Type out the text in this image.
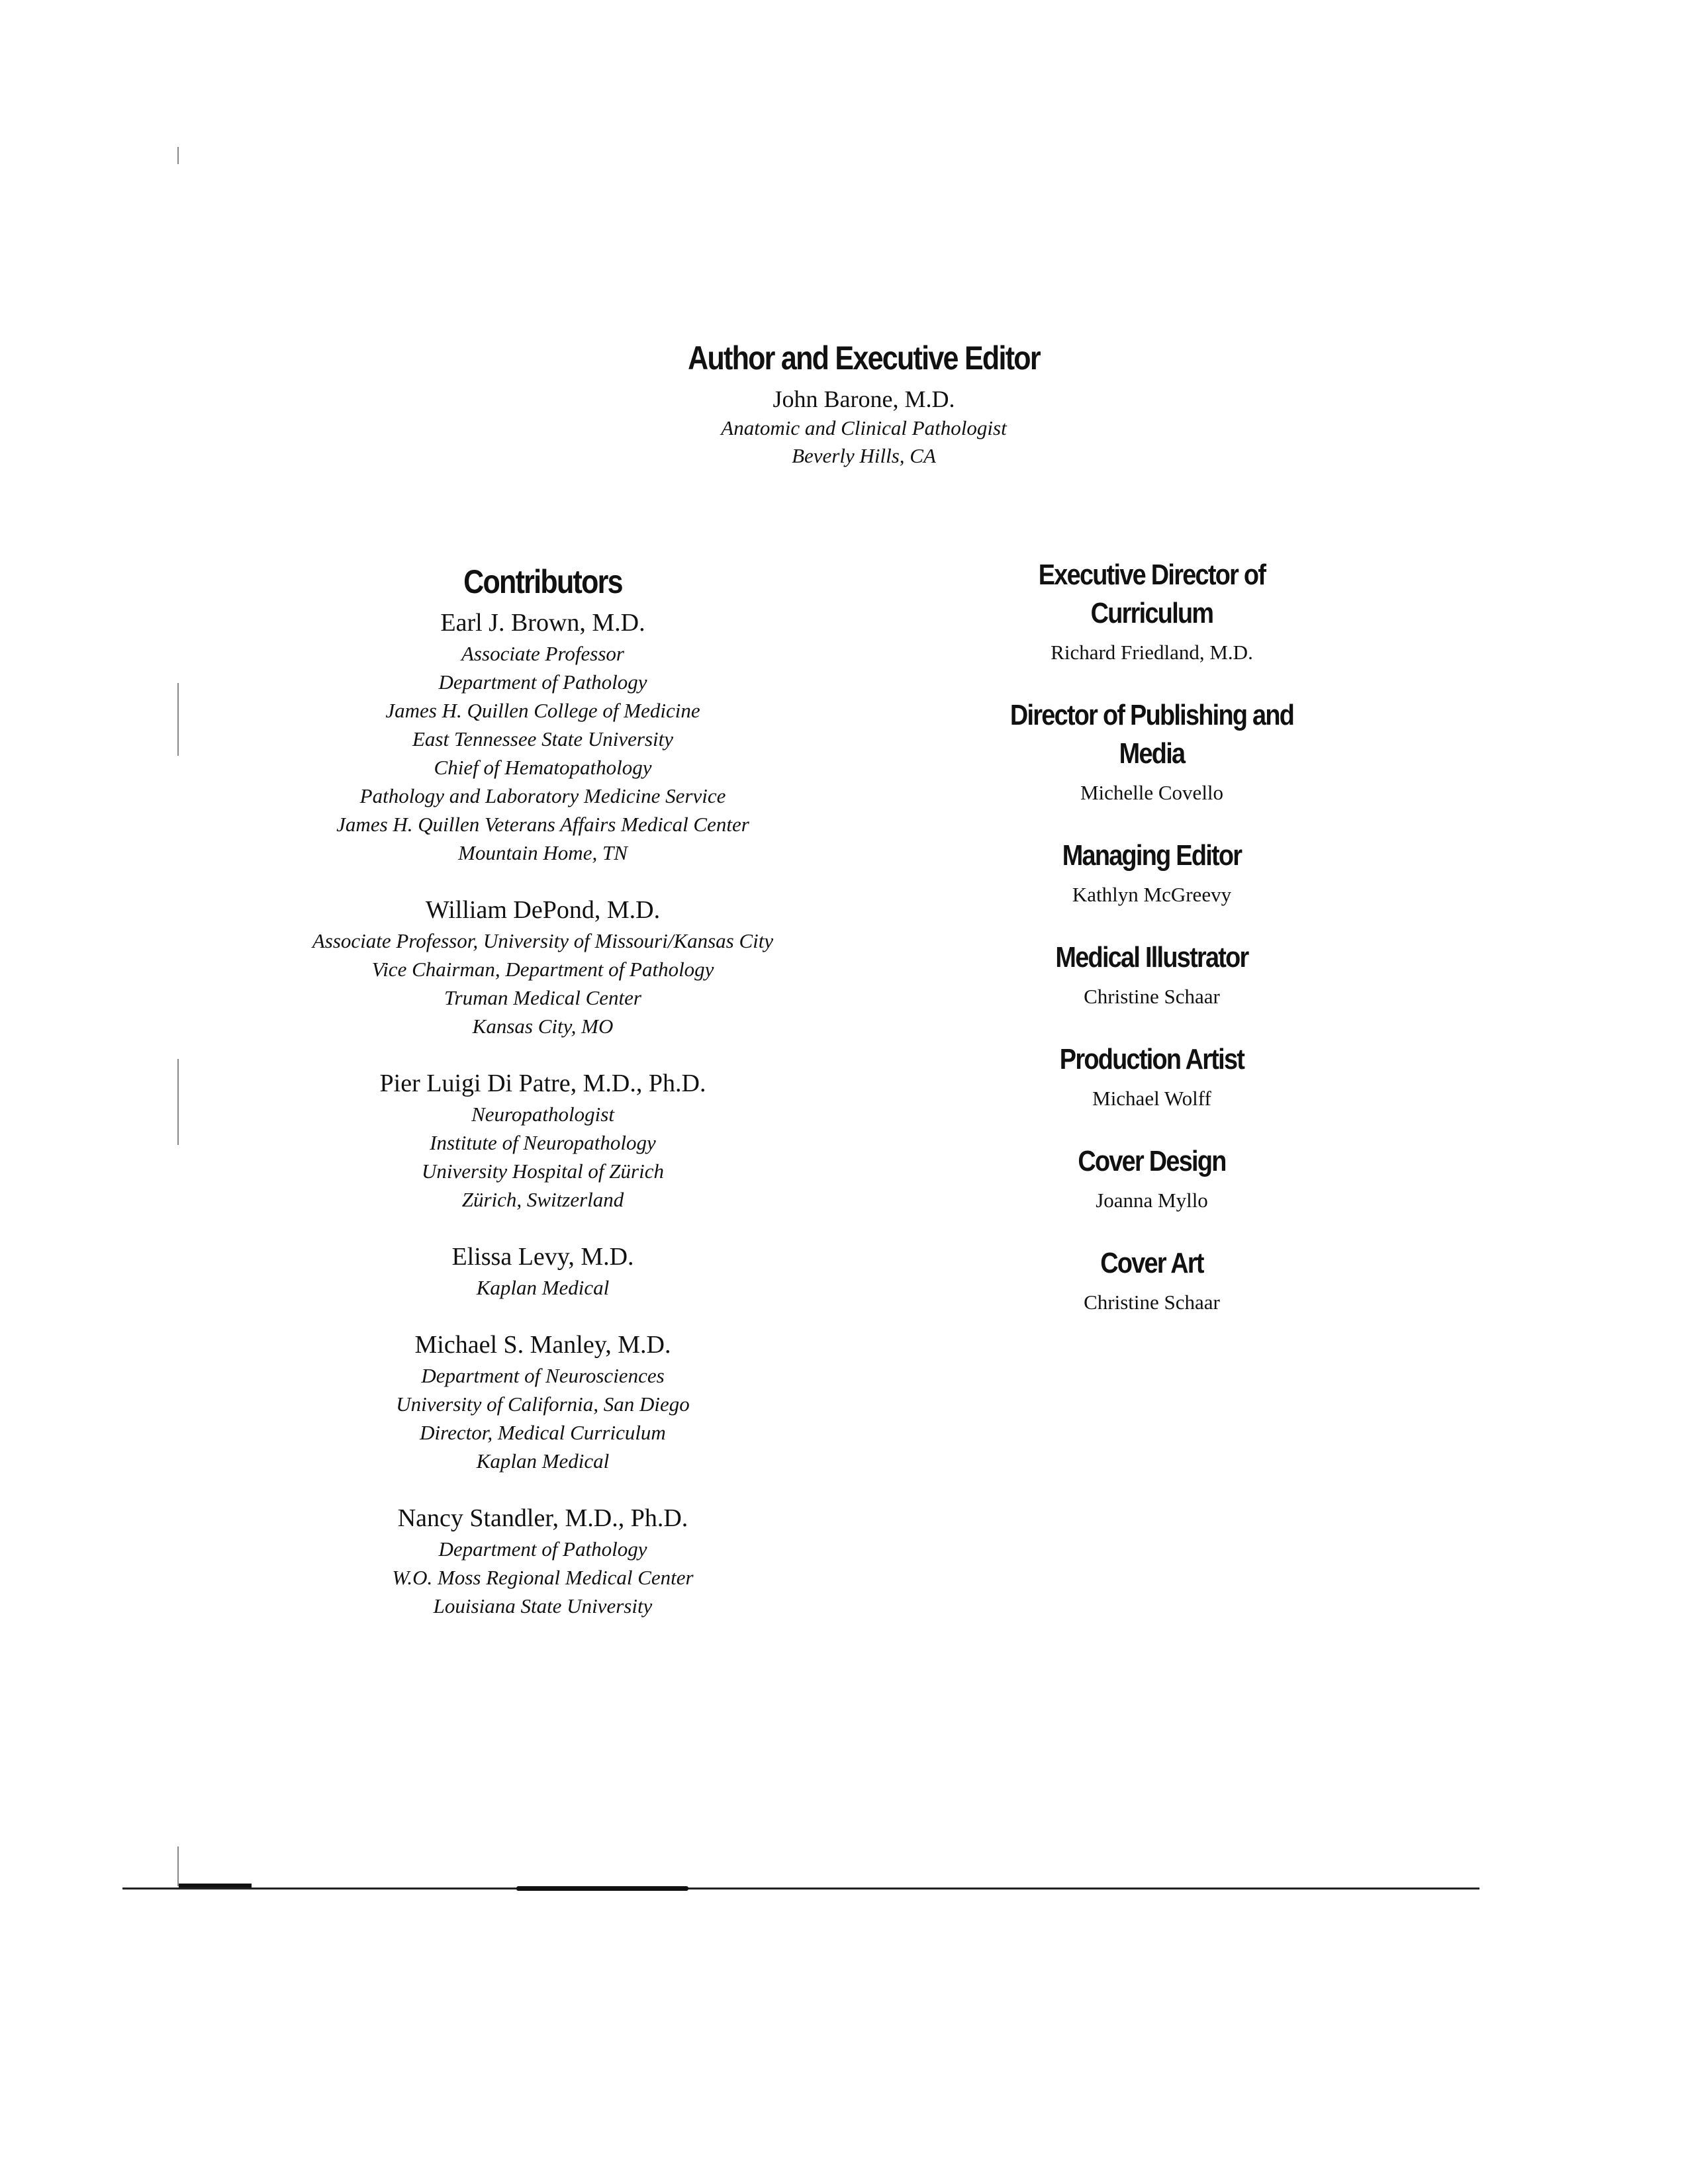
Author and Executive Editor
John Barone, M.D.
Anatomic and Clinical Pathologist
Beverly Hills, CA
Contributors
Earl J. Brown, M.D.
Associate Professor
Department of Pathology
James H. Quillen College of Medicine
East Tennessee State University
Chief of Hematopathology
Pathology and Laboratory Medicine Service
James H. Quillen Veterans Affairs Medical Center
Mountain Home, TN
William DePond, M.D.
Associate Professor, University of Missouri/Kansas City
Vice Chairman, Department of Pathology
Truman Medical Center
Kansas City, MO
Pier Luigi Di Patre, M.D., Ph.D.
Neuropathologist
Institute of Neuropathology
University Hospital of Zürich
Zürich, Switzerland
Elissa Levy, M.D.
Kaplan Medical
Michael S. Manley, M.D.
Department of Neurosciences
University of California, San Diego
Director, Medical Curriculum
Kaplan Medical
Nancy Standler, M.D., Ph.D.
Department of Pathology
W.O. Moss Regional Medical Center
Louisiana State University
Executive Director of Curriculum
Richard Friedland, M.D.
Director of Publishing and Media
Michelle Covello
Managing Editor
Kathlyn McGreevy
Medical Illustrator
Christine Schaar
Production Artist
Michael Wolff
Cover Design
Joanna Myllo
Cover Art
Christine Schaar
